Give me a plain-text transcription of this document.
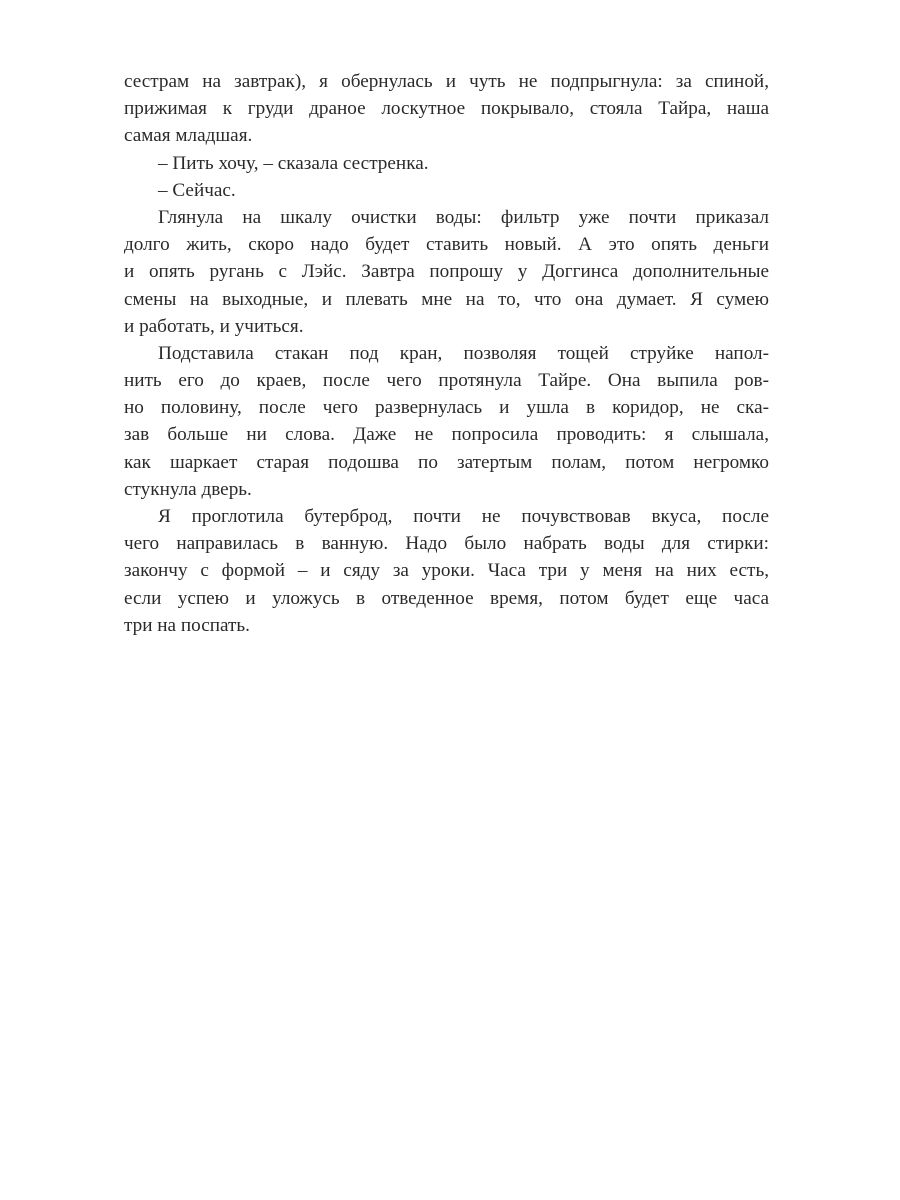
сестрам на завтрак), я обернулась и чуть не подпрыгнула: за спиной,
прижимая к груди драное лоскутное покрывало, стояла Тайра, наша
самая младшая.
– Пить хочу, – сказала сестренка.
– Сейчас.
Глянула на шкалу очистки воды: фильтр уже почти приказал
долго жить, скоро надо будет ставить новый. А это опять деньги
и опять ругань с Лэйс. Завтра попрошу у Доггинса дополнительные
смены на выходные, и плевать мне на то, что она думает. Я сумею
и работать, и учиться.
Подставила стакан под кран, позволяя тощей струйке напол-
нить его до краев, после чего протянула Тайре. Она выпила ров-
но половину, после чего развернулась и ушла в коридор, не ска-
зав больше ни слова. Даже не попросила проводить: я слышала,
как шаркает старая подошва по затертым полам, потом негромко
стукнула дверь.
Я проглотила бутерброд, почти не почувствовав вкуса, после
чего направилась в ванную. Надо было набрать воды для стирки:
закончу с формой – и сяду за уроки. Часа три у меня на них есть,
если успею и уложусь в отведенное время, потом будет еще часа
три на поспать.
